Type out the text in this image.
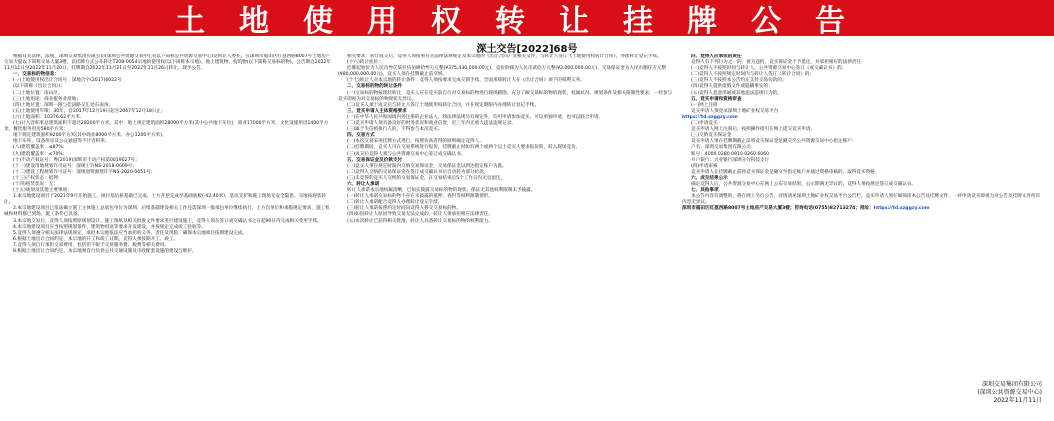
土地使用权转让挂牌公告
深土交告[2022]68号

根据有关法律、法规，深圳交易集团有限公司(深圳公共资源交易中心)(以下简称公共资源交易中心)受转让人委托，在深圳市福田区红荔西路8007号土地房产交易大厦以下简称交易大厦3楼，以挂牌方式公开转让T208-0054宗地的使用权(以下简称本宗地)。地上建筑物、构筑物(以下简称交易标的物)。公告期自2022年11月11日至2022年11月20日，挂牌期自2022年11月21日至2022年11月26日转让。现予公告。

一、交易标的物信息：

(一)土地使用权出让合同号：深地合字(2017)6022号

(以下简称《出让合同》)；

(二)土地位置：南山区；

(三)土地用途：商业服务业用地；

(四)土地位置：深圳一路与佳田路交汇处东南角；

(五)土地使用年限：30年，自2017年12月19日起至2047年12月18日止；

(六)土地面积：10376.62平方米；

(七)计入容积率总建筑面积不超过28200平方米，其中：地上规定建筑面积28000平方米(其中公共地下车位)，商业17000平方米，文化设施用房1400平方米，餐饮服务用房580平方米；

地下规定建筑面积9200平方米(其中商业8000平方米，办公1200平方米)。

地下车库、设备用房及公众通道等不计容积率；

(八)建筑覆盖率：≤87%；

(九)建筑覆盖率：≤70%；

(十)不动产权证号：粤(2019)深圳市不动产权第0019027号；

(十一)建设用地规划许可证号：深规土许NS-2018-0009号；

(十二)建设工程规划许可证号：深规划资源建许字NS-2020-0051号；

(十三)产权状态：抵押；

(十四)租赁状况：无；

(十五)规划及其他主要事项：

1.本宗地建设项目于2021年9月开始施工，项目基坑桩基础已完成，土方开挖完成至基础底板(-42.40米)，基坑支护和施工现场无安全隐患。交地按现状转让。

2.本宗地建设项目已依法确立施工主体施工总承包单位为深圳，后续基础建设相关工作还需深圳一般承包单位继续执行，上方自单位和承揽规定要求，施工机械和材料都已到场，施工条件已具备。

3.本宗地交易后，竞得人须按照原规划设计、施工图纸及相关批准文件要求进行建设施工，竞得人须在签订成交确认书之日起90日内完成相关变更手续。

4.本宗地建设项目应当按照规划条件、建筑物用途等要求开发建设，并按规定完成竣工验收等。

5.竞得人须遵守相关法律法规规定，承担本宗地依法应当承担的义务、责任及风险，确保本宗地项目按期建设完成。

6.根据土地出让合同约定，本宗地的开工和竣工日期，竞得人须按期开工、竣工。

7.竞得人须自行承担交易费用，包括但不限于交易服务费、税费等相关费用。

8.根据土地出让合同约定，本宗地须自行负担公共交通设施及市政配套设施的建设与维护。

相关要求，转让成交后，竞得人须按照有关法律法规规定及本宗地的《出让合同》及相关文件，与转让人签订《土地使用权转让合同》，办理转让登记手续。

(十六)转让底价：

挂牌起始价为人民币叁亿柒仟伍佰肆拾叁万元整(¥375,430,000.00元)，竞价阶梯为人民币贰佰万元整(¥2,000,000.00元)，交易保证金为人民币捌仟万元整(¥80,000,000.00元)，竞买人须在挂牌截止前交纳。

(十七)转让人对本宗地的转让条件：竞得人须按要求完成交割手续，全面承接转让人在《出让合同》项下的权利义务。

二、交易标的物的转让条件

(一)交易标的物按现状转让，竞买人应在竞买前自行对交易标的物进行现场踏勘，充分了解交易标的物的现状、权属状况、规划条件及相关限制性要求，一经参与竞买即视为对交易标的物现状无异议。

(二)竞买人须于成交后与转让人签订土地使用权转让合同，并在规定期限内办理转让登记手续。

三、竞买申请人主体资格要求

(一)在中华人民共和国境内外注册的企业法人，除法律法规另有规定外，均可申请参加竞买，可以单独申请，也可以联合申请。

(二)竞买申请人须具备良好的财务状况和商业信誉，近三年内无重大违法违规记录。

(三)属于失信被执行人的，不得参与本次竞买。

四、交易方式

(一)本次交易采用挂牌方式进行，按照价高者得的原则确定竞得人。

(二)挂牌期间，竞买人可在交易系统进行报价，挂牌截止时如有两个或两个以上竞买人要求报价的，转入现场竞价。

(三)成交后竞得人须与公共资源交易中心签订成交确认书。

五、交易保证金及价款支付

(一)竞买人须在规定时间内交纳交易保证金，交易保证金以到达指定账户为准。

(二)竞得人交纳的交易保证金在签订成交确认书后自动转为部分价款。

(三)未竞得的竞买人交纳的交易保证金，在交易结束后5个工作日内无息退还。

六、转让人承诺

转让人承诺本宗地权属清晰，已如实披露交易标的物的现状，保证无其他权利限制未予披露。

(一)转让人承诺交易标的物不存在未披露的抵押、查封等权利限制情形。

(二)转让人承诺配合竞得人办理转让登记手续。

(三)转让人承诺按照约定时间向竞得人移交交易标的物。

(四)如因转让人原因导致交易无法完成的，转让人须承担相应法律责任。

(五)本次转让已获得相关批准，转让人具备转让交易标的物的权利能力。

四、竞得人应承担的责任

竞得人有下列行为之一的，视为违约，竞买保证金不予退还，并承担相应的法律责任：

(一)竞得人不按照时间与转让人、公共资源交易中心签订《成交确认书》的；

(二)竞得人不按照规定时间内与转让人签订《转让合同》的；

(三)竞得人不按照本公告约定支付交易价款的；

(四)竞得人提供虚假文件或隐瞒事实的；

(五)竞得人恶意串通或其他违法违规行为的。

五、竞买申请和资格审查

(一)网上注册

竞买申请人须登录深圳土地矿业权交易平台

https://td.szggzy.com

(二)申请竞买

竞买申请人网上注册后，按照操作指引在网上提交竞买申请。

(三)交纳竞买保证金

竞买申请人须在挂牌期截止前将竞买保证金足额交至公共资源交易中心指定账户：

户名：深圳交易集团有限公司

账号：4000 0280 0910 0260 6060

开户银行：兴业银行深圳分行科技支行

(四)申请审核

竞买申请人在挂牌截止前将竞买保证金足额交至指定账户并通过资格审核的，取得竞买资格。

六、成交结果公示

确定竞得人后，公共资源交易中心在网上公布交易结果，公示期满无异议的，竞得人须按规定签订成交确认书。

七、其他事项

本公告内容有调整的，将在网上另行公告，详情请见深圳土地矿业权交易平台公告栏。竞买申请人须仔细阅读本公告及挂牌文件，一经申请竞买即视为对公告及挂牌文件所有内容无异议。

深圳市福田区红荔西路8007号土地房产交易大厦3楼；咨询电话(0755)82713274；网址：https://td.szggzy.com

深圳交易集团有限公司
(深圳公共资源交易中心)
2022年11月11日
